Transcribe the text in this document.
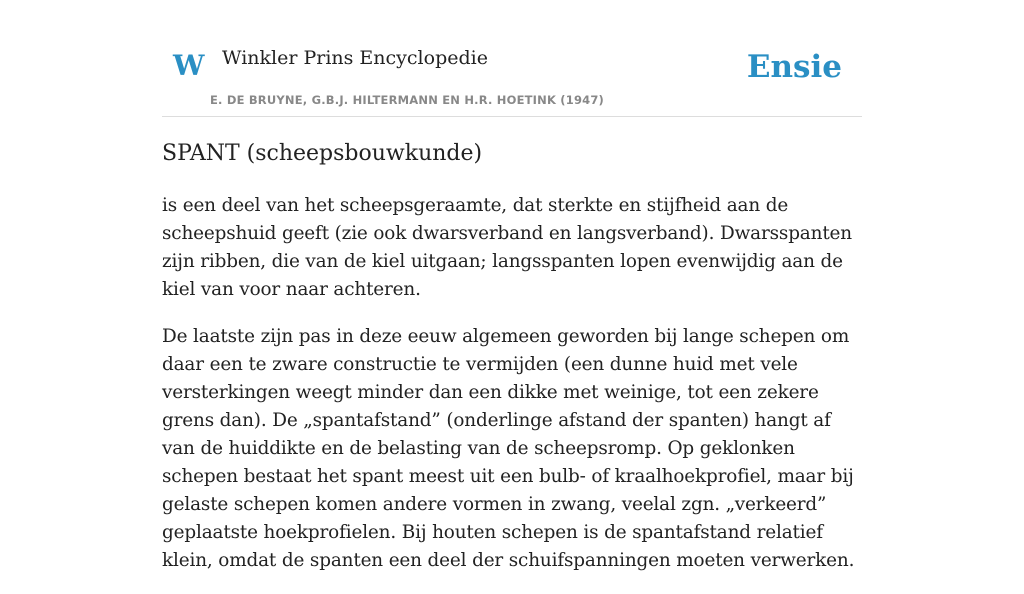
W Winkler Prins Encyclopedie
E. DE BRUYNE, G.B.J. HILTERMANN EN H.R. HOETINK (1947)
Ensie
SPANT (scheepsbouwkunde)

is een deel van het scheepsgeraamte, dat sterkte en stijfheid aan de scheepshuid geeft (zie ook dwarsverband en langsverband). Dwarsspanten zijn ribben, die van de kiel uitgaan; langsspanten lopen evenwijdig aan de kiel van voor naar achteren.

De laatste zijn pas in deze eeuw algemeen geworden bij lange schepen om daar een te zware constructie te vermijden (een dunne huid met vele versterkingen weegt minder dan een dikke met weinige, tot een zekere grens dan). De „spantafstand” (onderlinge afstand der spanten) hangt af van de huiddikte en de belasting van de scheepsromp. Op geklonken schepen bestaat het spant meest uit een bulb- of kraalhoekprofiel, maar bij gelaste schepen komen andere vormen in zwang, veelal zgn. „verkeerd” geplaatste hoekprofielen. Bij houten schepen is de spantafstand relatief klein, omdat de spanten een deel der schuifspanningen moeten verwerken.
